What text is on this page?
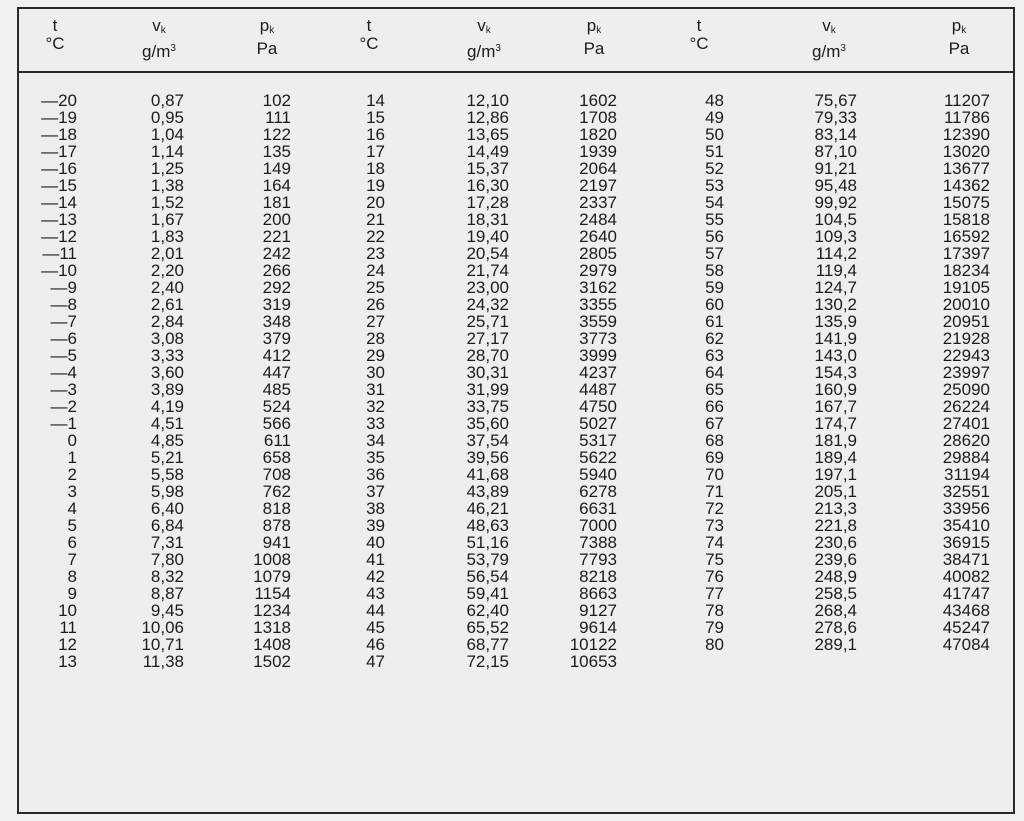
t
°C
$v_k$
$g/m^3$
$p_k$
Pa
t
°C
$v_k$
$g/m^3$
$p_k$
Pa
t
°C
$v_k$
$g/m^3$
$p_k$
Pa
—20
—19
—18
—17
—16
—15
—14
—13
—12
—11
—10
—9
—8
—7
—6
—5
—4
—3
—2
—1
0
1
2
3
4
5
6
7
8
9
10
11
12
13
0,87
0,95
1,04
1,14
1,25
1,38
1,52
1,67
1,83
2,01
2,20
2,40
2,61
2,84
3,08
3,33
3,60
3,89
4,19
4,51
4,85
5,21
5,58
5,98
6,40
6,84
7,31
7,80
8,32
8,87
9,45
10,06
10,71
11,38
102
111
122
135
149
164
181
200
221
242
266
292
319
348
379
412
447
485
524
566
611
658
708
762
818
878
941
1008
1079
1154
1234
1318
1408
1502
14
15
16
17
18
19
20
21
22
23
24
25
26
27
28
29
30
31
32
33
34
35
36
37
38
39
40
41
42
43
44
45
46
47
12,10
12,86
13,65
14,49
15,37
16,30
17,28
18,31
19,40
20,54
21,74
23,00
24,32
25,71
27,17
28,70
30,31
31,99
33,75
35,60
37,54
39,56
41,68
43,89
46,21
48,63
51,16
53,79
56,54
59,41
62,40
65,52
68,77
72,15
1602
1708
1820
1939
2064
2197
2337
2484
2640
2805
2979
3162
3355
3559
3773
3999
4237
4487
4750
5027
5317
5622
5940
6278
6631
7000
7388
7793
8218
8663
9127
9614
10122
10653
48
49
50
51
52
53
54
55
56
57
58
59
60
61
62
63
64
65
66
67
68
69
70
71
72
73
74
75
76
77
78
79
80
75,67
79,33
83,14
87,10
91,21
95,48
99,92
104,5
109,3
114,2
119,4
124,7
130,2
135,9
141,9
143,0
154,3
160,9
167,7
174,7
181,9
189,4
197,1
205,1
213,3
221,8
230,6
239,6
248,9
258,5
268,4
278,6
289,1
11207
11786
12390
13020
13677
14362
15075
15818
16592
17397
18234
19105
20010
20951
21928
22943
23997
25090
26224
27401
28620
29884
31194
32551
33956
35410
36915
38471
40082
41747
43468
45247
47084
